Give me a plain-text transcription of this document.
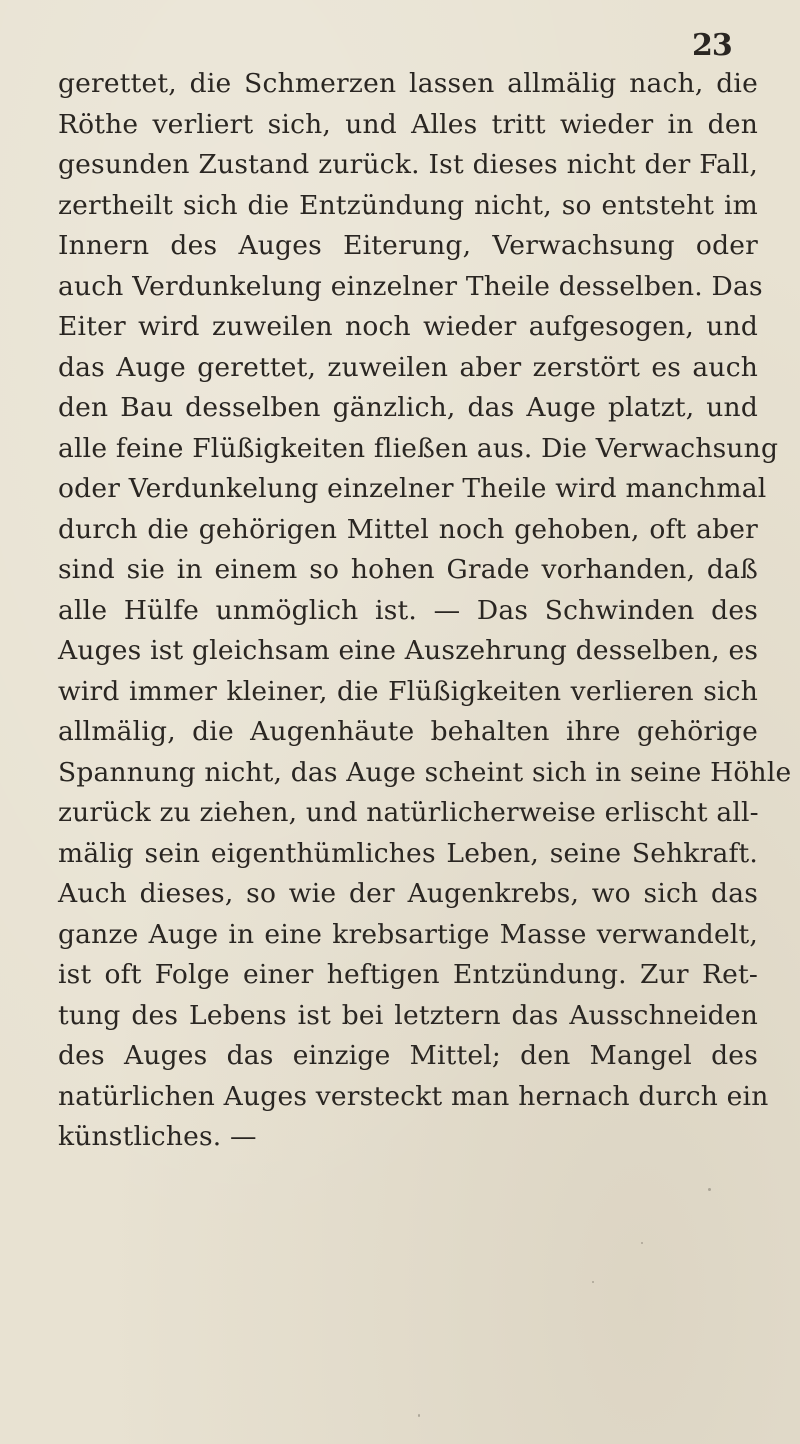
23
gerettet, die Schmerzen lassen allmälig nach, die
Röthe verliert sich, und Alles tritt wieder in den
gesunden Zustand zurück. Ist dieses nicht der Fall,
zertheilt sich die Entzündung nicht, so entsteht im
Innern des Auges Eiterung, Verwachsung oder
auch Verdunkelung einzelner Theile desselben. Das
Eiter wird zuweilen noch wieder aufgesogen, und
das Auge gerettet, zuweilen aber zerstört es auch
den Bau desselben gänzlich, das Auge platzt, und
alle feine Flüßigkeiten fließen aus. Die Verwachsung
oder Verdunkelung einzelner Theile wird manchmal
durch die gehörigen Mittel noch gehoben, oft aber
sind sie in einem so hohen Grade vorhanden, daß
alle Hülfe unmöglich ist. — Das Schwinden des
Auges ist gleichsam eine Auszehrung desselben, es
wird immer kleiner, die Flüßigkeiten verlieren sich
allmälig, die Augenhäute behalten ihre gehörige
Spannung nicht, das Auge scheint sich in seine Höhle
zurück zu ziehen, und natürlicherweise erlischt all-
mälig sein eigenthümliches Leben, seine Sehkraft.
Auch dieses, so wie der Augenkrebs, wo sich das
ganze Auge in eine krebsartige Masse verwandelt,
ist oft Folge einer heftigen Entzündung. Zur Ret-
tung des Lebens ist bei letztern das Ausschneiden
des Auges das einzige Mittel; den Mangel des
natürlichen Auges versteckt man hernach durch ein
künstliches. —
